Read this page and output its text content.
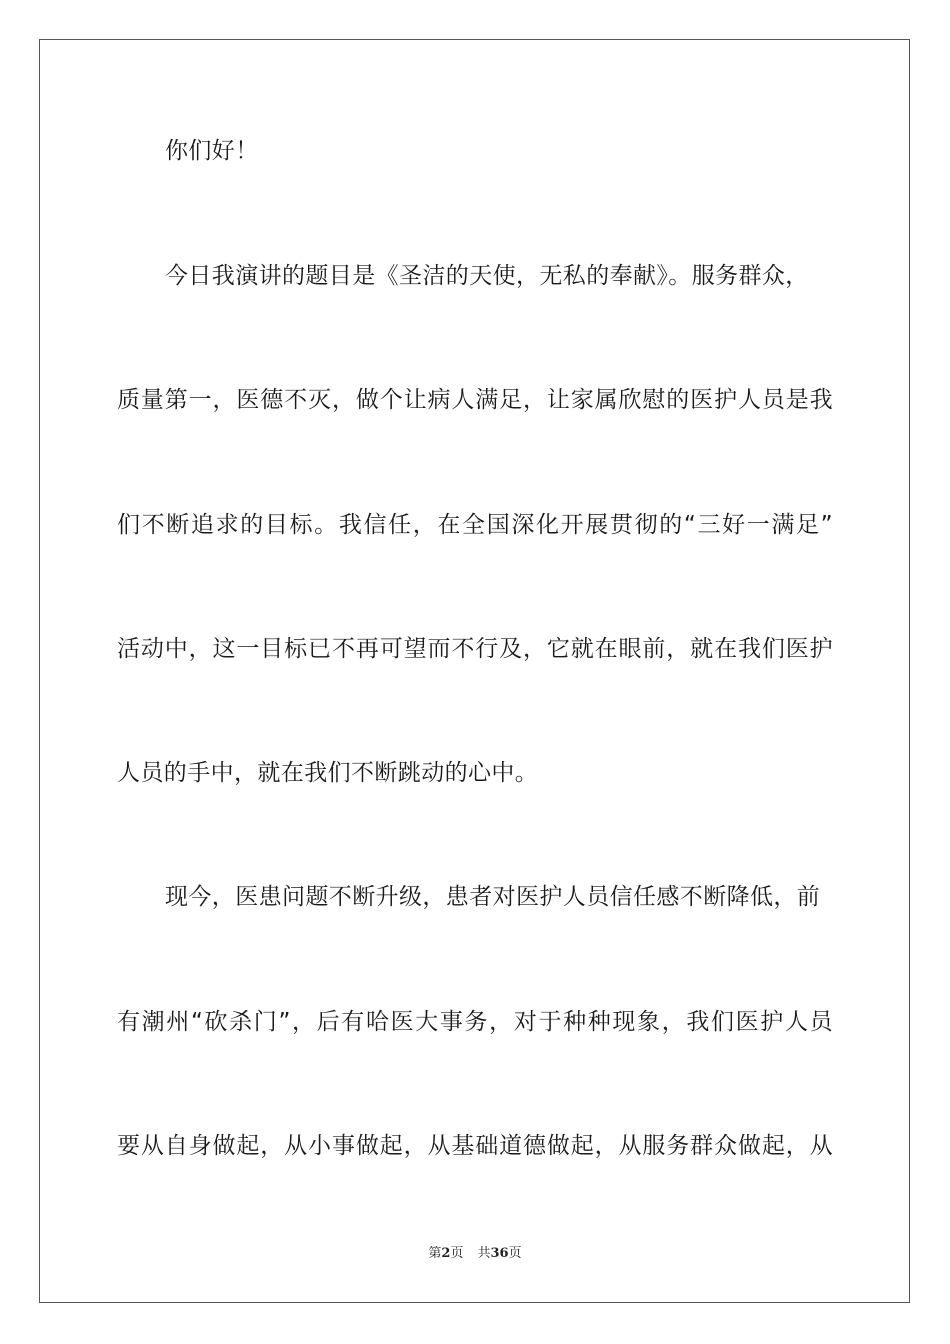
你们好！
今日我演讲的题目是《圣洁的天使，无私的奉献》。服务群众，
质量第一，医德不灭，做个让病人满足，让家属欣慰的医护人员是我
们不断追求的目标。我信任，在全国深化开展贯彻的“三好一满足”
活动中，这一目标已不再可望而不行及，它就在眼前，就在我们医护
人员的手中，就在我们不断跳动的心中。
现今，医患问题不断升级，患者对医护人员信任感不断降低，前
有潮州“砍杀门”，后有哈医大事务，对于种种现象，我们医护人员
要从自身做起，从小事做起，从基础道德做起，从服务群众做起，从
第2页 共36页
